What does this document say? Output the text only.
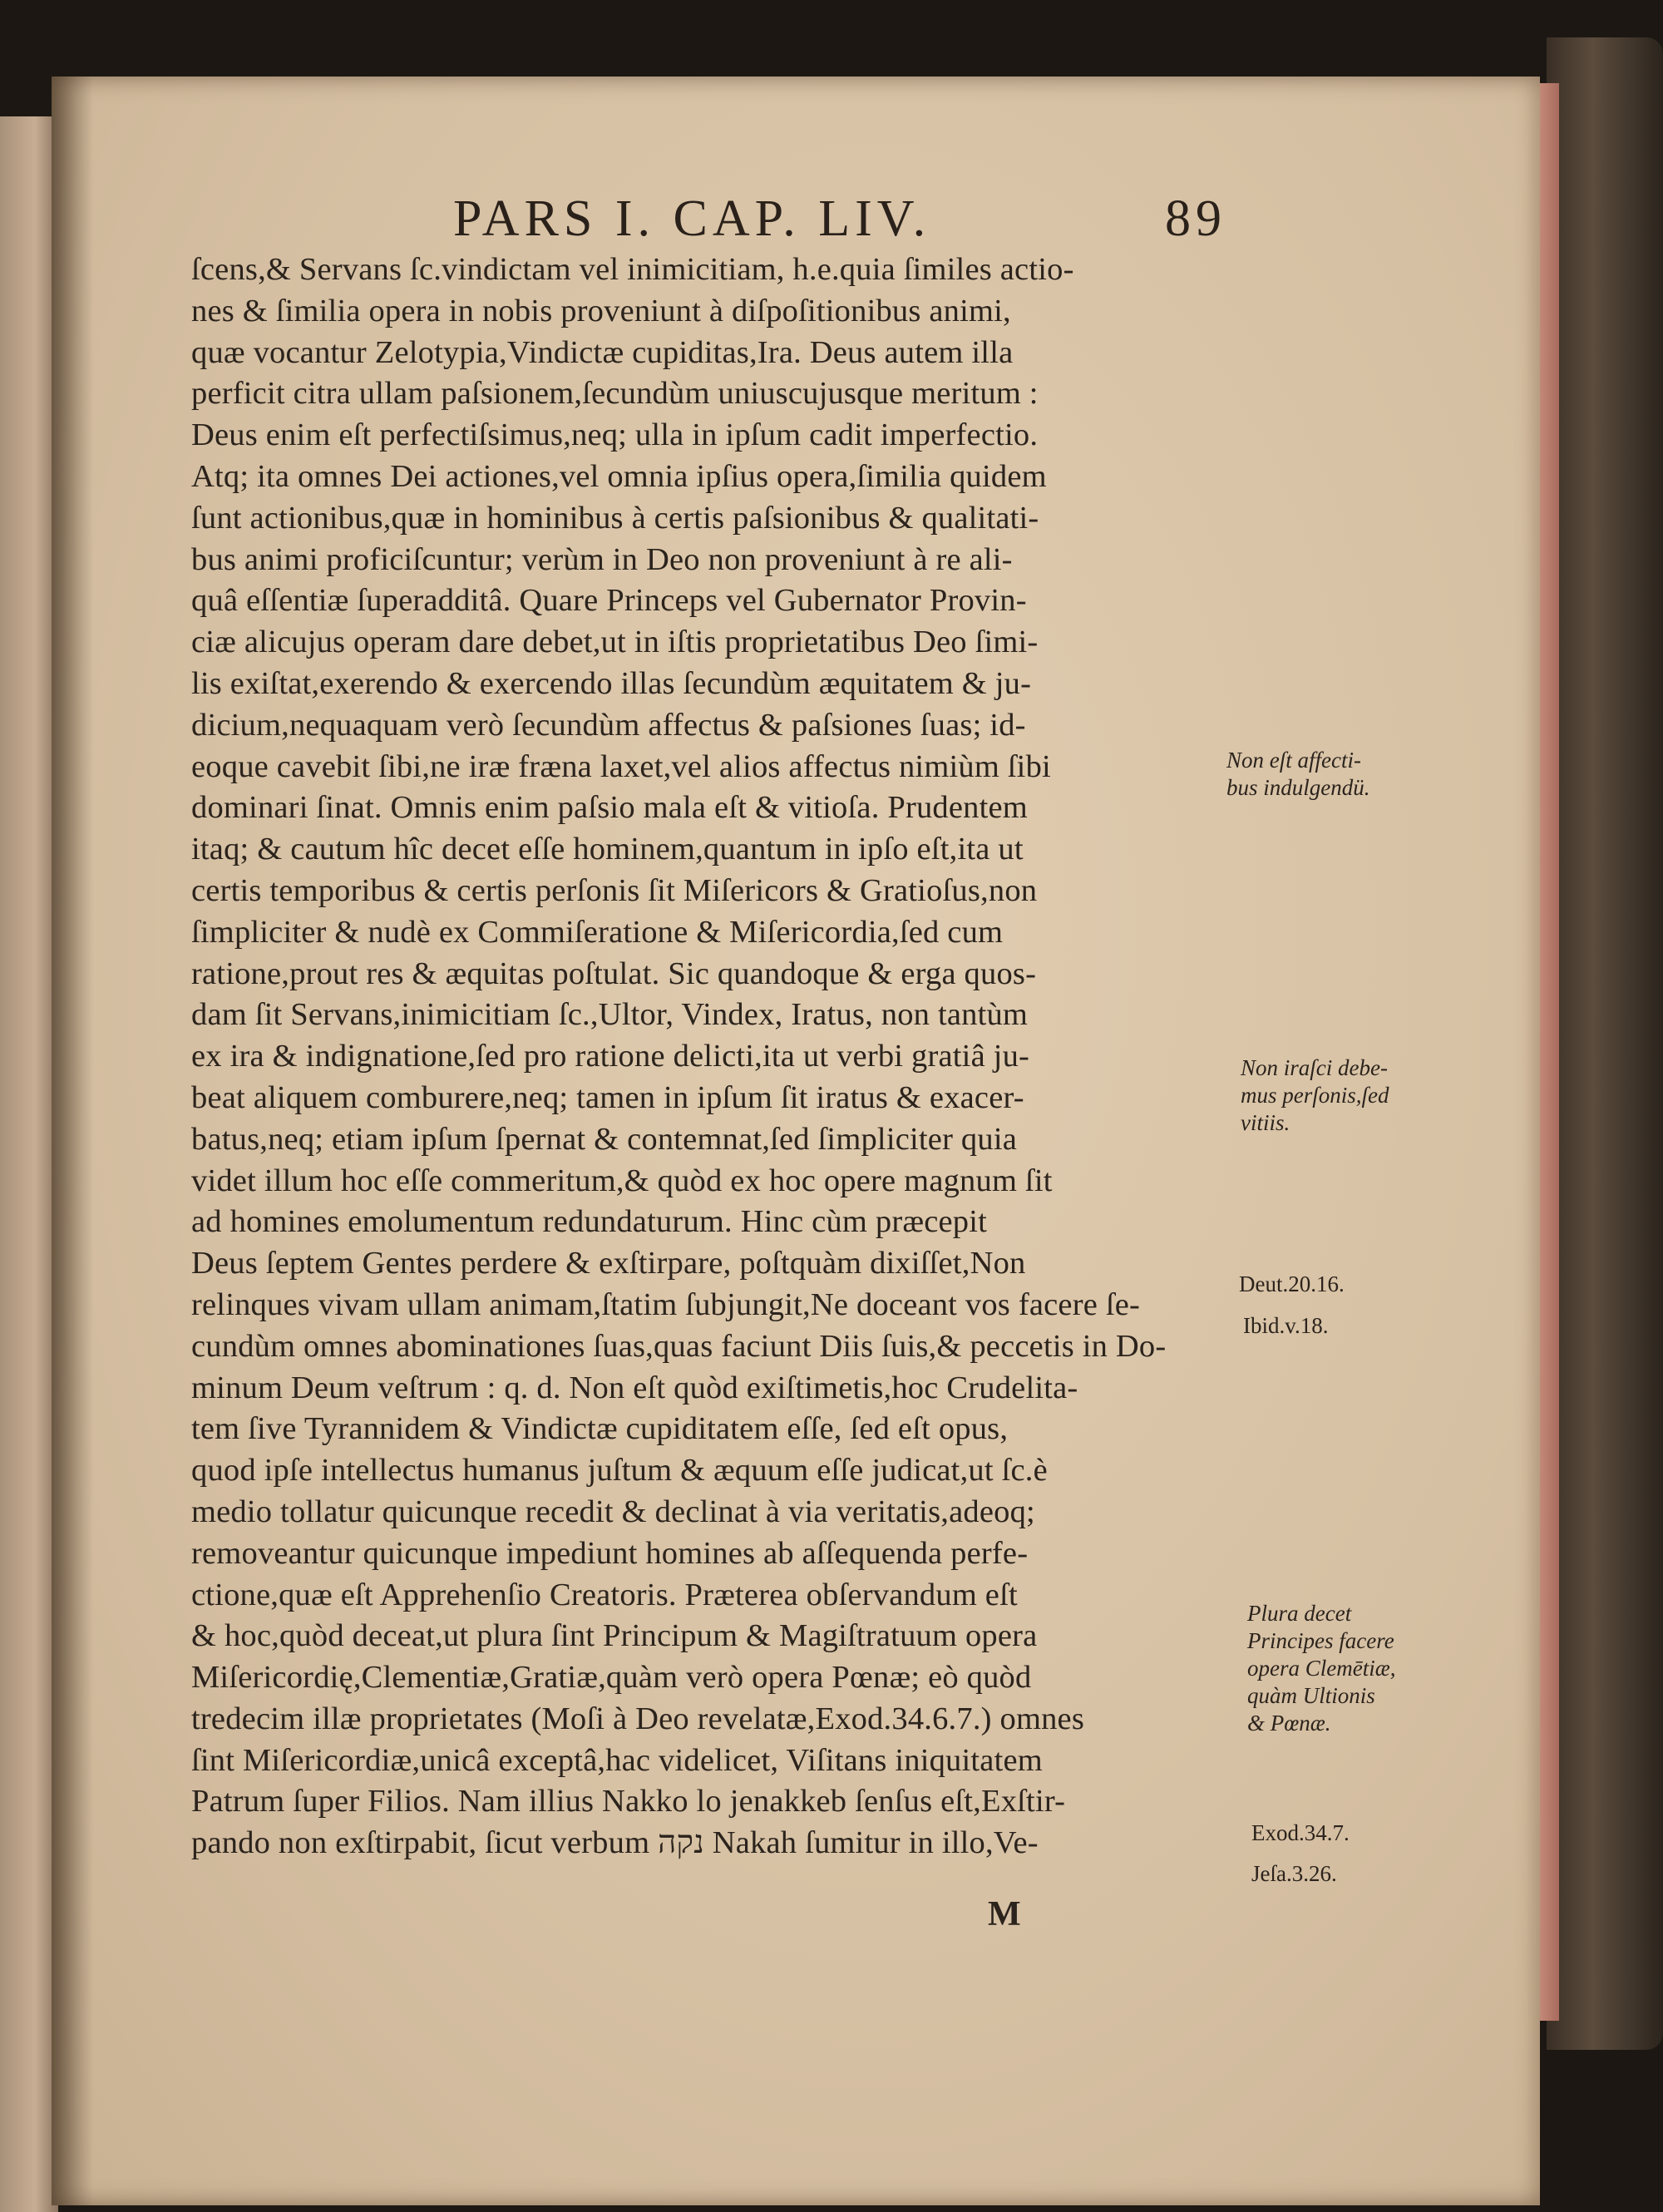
PARS I. CAP. LIV.	89
ſcens,& Servans ſc.vindictam vel inimicitiam, h.e.quia ſimiles actio-
nes & ſimilia opera in nobis proveniunt à diſpoſitionibus animi,
quæ vocantur Zelotypia,Vindictæ cupiditas,Ira. Deus autem illa
perficit citra ullam paſsionem,ſecundùm uniuscujusque meritum :
Deus enim eſt perfectiſsimus,neq; ulla in ipſum cadit imperfectio.
Atq; ita omnes Dei actiones,vel omnia ipſius opera,ſimilia quidem
ſunt actionibus,quæ in hominibus à certis paſsionibus & qualitati-
bus animi proficiſcuntur; verùm in Deo non proveniunt à re ali-
quâ eſſentiæ ſuperadditâ. Quare Princeps vel Gubernator Provin-
ciæ alicujus operam dare debet,ut in iſtis proprietatibus Deo ſimi-
lis exiſtat,exerendo & exercendo illas ſecundùm æquitatem & ju-
dicium,nequaquam verò ſecundùm affectus & paſsiones ſuas; id-
eoque cavebit ſibi,ne iræ fræna laxet,vel alios affectus nimiùm ſibi
dominari ſinat. Omnis enim paſsio mala eſt & vitioſa. Prudentem
itaq; & cautum hîc decet eſſe hominem,quantum in ipſo eſt,ita ut
certis temporibus & certis perſonis ſit Miſericors & Gratioſus,non
ſimpliciter & nudè ex Commiſeratione & Miſericordia,ſed cum
ratione,prout res & æquitas poſtulat. Sic quandoque & erga quos-
dam ſit Servans,inimicitiam ſc.,Ultor, Vindex, Iratus, non tantùm
ex ira & indignatione,ſed pro ratione delicti,ita ut verbi gratiâ ju-
beat aliquem comburere,neq; tamen in ipſum ſit iratus & exacer-
batus,neq; etiam ipſum ſpernat & contemnat,ſed ſimpliciter quia
videt illum hoc eſſe commeritum,& quòd ex hoc opere magnum ſit
ad homines emolumentum redundaturum. Hinc cùm præcepit
Deus ſeptem Gentes perdere & exſtirpare, poſtquàm dixiſſet,Non
relinques vivam ullam animam,ſtatim ſubjungit,Ne doceant vos facere ſe-
cundùm omnes abominationes ſuas,quas faciunt Diis ſuis,& peccetis in Do-
minum Deum veſtrum : q. d. Non eſt quòd exiſtimetis,hoc Crudelita-
tem ſive Tyrannidem & Vindictæ cupiditatem eſſe, ſed eſt opus,
quod ipſe intellectus humanus juſtum & æquum eſſe judicat,ut ſc.è
medio tollatur quicunque recedit & declinat à via veritatis,adeoq;
removeantur quicunque impediunt homines ab aſſequenda perfe-
ctione,quæ eſt Apprehenſio Creatoris. Præterea obſervandum eſt
& hoc,quòd deceat,ut plura ſint Principum & Magiſtratuum opera
Miſericordię,Clementiæ,Gratiæ,quàm verò opera Pœnæ; eò quòd
tredecim illæ proprietates (Moſi à Deo revelatæ,Exod.34.6.7.) omnes
ſint Miſericordiæ,unicâ exceptâ,hac videlicet, Viſitans iniquitatem
Patrum ſuper Filios. Nam illius Nakko lo jenakkeb ſenſus eſt,Exſtir-
pando non exſtirpabit, ſicut verbum נקה Nakah ſumitur in illo,Ve-
Non eſt affecti-
bus indulgendü.
Non iraſci debe-
mus perſonis,ſed
vitiis.
Deut.20.16.
Ibid.v.18.
Plura decet
Principes facere
opera Clemētiæ,
quàm Ultionis
& Pœnæ.
Exod.34.7.
Jeſa.3.26.
M
